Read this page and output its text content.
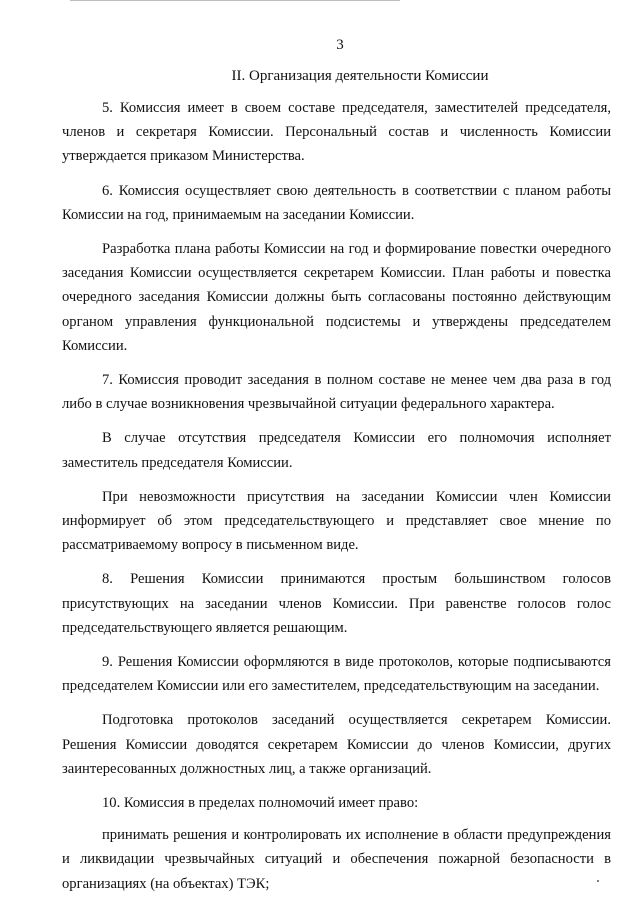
3
II. Организация деятельности Комиссии

5. Комиссия имеет в своем составе председателя, заместителей председателя, членов и секретаря Комиссии. Персональный состав и численность Комиссии утверждается приказом Министерства.

6. Комиссия осуществляет свою деятельность в соответствии с планом работы Комиссии на год, принимаемым на заседании Комиссии.

Разработка плана работы Комиссии на год и формирование повестки очередного заседания Комиссии осуществляется секретарем Комиссии. План работы и повестка очередного заседания Комиссии должны быть согласованы постоянно действующим органом управления функциональной подсистемы и утверждены председателем Комиссии.

7. Комиссия проводит заседания в полном составе не менее чем два раза в год либо в случае возникновения чрезвычайной ситуации федерального характера.

В случае отсутствия председателя Комиссии его полномочия исполняет заместитель председателя Комиссии.

При невозможности присутствия на заседании Комиссии член Комиссии информирует об этом председательствующего и представляет свое мнение по рассматриваемому вопросу в письменном виде.

8. Решения Комиссии принимаются простым большинством голосов присутствующих на заседании членов Комиссии. При равенстве голосов голос председательствующего является решающим.

9. Решения Комиссии оформляются в виде протоколов, которые подписываются председателем Комиссии или его заместителем, председательствующим на заседании.

Подготовка протоколов заседаний осуществляется секретарем Комиссии. Решения Комиссии доводятся секретарем Комиссии до членов Комиссии, других заинтересованных должностных лиц, а также организаций.

10. Комиссия в пределах полномочий имеет право:

принимать решения и контролировать их исполнение в области предупреждения и ликвидации чрезвычайных ситуаций и обеспечения пожарной безопасности в организациях (на объектах) ТЭК;
